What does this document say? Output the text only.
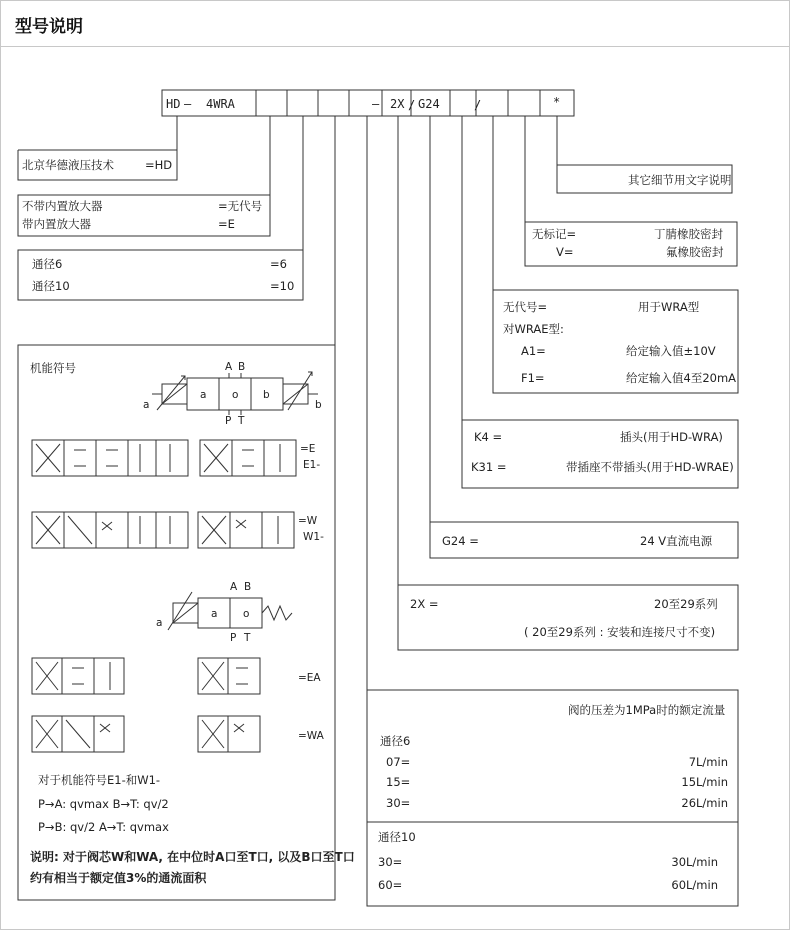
型号说明
HD — 4WRA	— 2X / G24	/	*
北京华德液压技术	=HD
不带内置放大器	=无代号
带内置放大器	=E
通径6	=6
通径10	=10
其它细节用文字说明
无标记=	丁腈橡胶密封
V=	氟橡胶密封
无代号=	用于WRA型
对WRAE型:
A1=	给定输入值±10V
F1=	给定输入值4至20mA
K4 =	插头(用于HD-WRA)
K31 =	带插座不带插头(用于HD-WRAE)
G24 =	24 V直流电源
2X =	20至29系列
( 20至29系列 : 安装和连接尺寸不变)
阀的压差为1MPa时的额定流量
通径6
07=	7L/min
15=	15L/min
30=	26L/min
通径10
30=	30L/min
60=	60L/min
机能符号	A B
a o b
P T
a	b
=E
E1-
=W
W1-
A B
a o
a
P T
=EA
=WA
对于机能符号E1-和W1-
P→A: qvmax B→T: qv/2
P→B: qv/2 A→T: qvmax
说明: 对于阀芯W和WA, 在中位时A口至T口, 以及B口至T口
约有相当于额定值3%的通流面积
